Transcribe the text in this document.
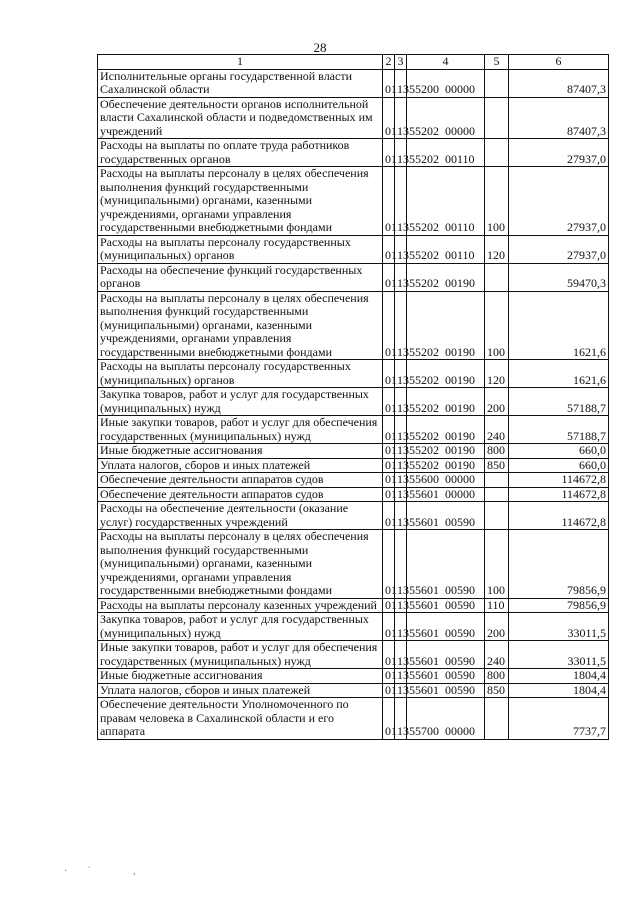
28
1	2	3	4	5	6
Исполнительные органы государственной власти Сахалинской области	01	13	55200  00000		87407,3
Обеспечение деятельности органов исполнительной власти Сахалинской области и подведомственных им учреждений	01	13	55202  00000		87407,3
Расходы на выплаты по оплате труда работников государственных органов	01	13	55202  00110		27937,0
Расходы на выплаты персоналу в целях обеспечения выполнения функций государственными (муниципальными) органами, казенными учреждениями, органами управления государственными внебюджетными фондами	01	13	55202  00110	100	27937,0
Расходы на выплаты персоналу государственных (муниципальных) органов	01	13	55202  00110	120	27937,0
Расходы на обеспечение функций государственных органов	01	13	55202  00190		59470,3
Расходы на выплаты персоналу в целях обеспечения выполнения функций государственными (муниципальными) органами, казенными учреждениями, органами управления государственными внебюджетными фондами	01	13	55202  00190	100	1621,6
Расходы на выплаты персоналу государственных (муниципальных) органов	01	13	55202  00190	120	1621,6
Закупка товаров, работ и услуг для государственных (муниципальных) нужд	01	13	55202  00190	200	57188,7
Иные закупки товаров, работ и услуг для обеспечения государственных (муниципальных) нужд	01	13	55202  00190	240	57188,7
Иные бюджетные ассигнования	01	13	55202  00190	800	660,0
Уплата налогов, сборов и иных платежей	01	13	55202  00190	850	660,0
Обеспечение деятельности аппаратов судов	01	13	55600  00000		114672,8
Обеспечение деятельности аппаратов судов	01	13	55601  00000		114672,8
Расходы на обеспечение деятельности (оказание услуг) государственных учреждений	01	13	55601  00590		114672,8
Расходы на выплаты персоналу в целях обеспечения выполнения функций государственными (муниципальными) органами, казенными учреждениями, органами управления государственными внебюджетными фондами	01	13	55601  00590	100	79856,9
Расходы на выплаты персоналу казенных учреждений	01	13	55601  00590	110	79856,9
Закупка товаров, работ и услуг для государственных (муниципальных) нужд	01	13	55601  00590	200	33011,5
Иные закупки товаров, работ и услуг для обеспечения государственных (муниципальных) нужд	01	13	55601  00590	240	33011,5
Иные бюджетные ассигнования	01	13	55601  00590	800	1804,4
Уплата налогов, сборов и иных платежей	01	13	55601  00590	850	1804,4
Обеспечение деятельности Уполномоченного по правам человека в Сахалинской области и его аппарата	01	13	55700  00000		7737,7
·´ ,
